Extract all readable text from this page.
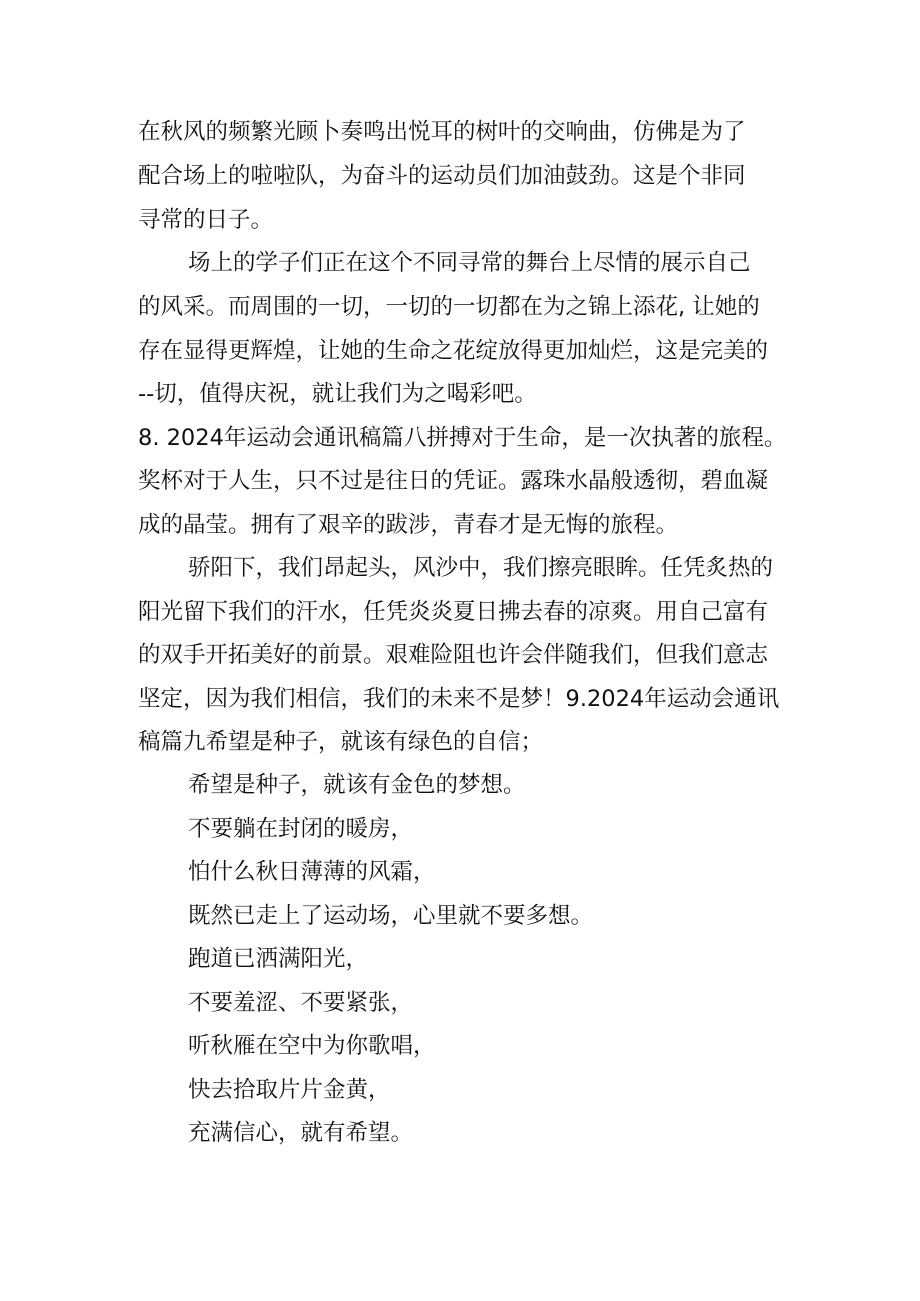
在秋风的频繁光顾卜奏鸣出悦耳的树叶的交响曲，仿佛是为了
配合场上的啦啦队，为奋斗的运动员们加油鼓劲。这是个非同
寻常的日子。
场上的学子们正在这个不同寻常的舞台上尽情的展示自己
的风采。而周围的一切，一切的一切都在为之锦上添花, 让她的
存在显得更辉煌，让她的生命之花绽放得更加灿烂，这是完美的
--切，值得庆祝，就让我们为之喝彩吧。
8. 2024年运动会通讯稿篇八拼搏对于生命，是一次执著的旅程。
奖杯对于人生，只不过是往日的凭证。露珠水晶般透彻，碧血凝
成的晶莹。拥有了艰辛的跋涉，青春才是无悔的旅程。
骄阳下，我们昂起头，风沙中，我们擦亮眼眸。任凭炙热的
阳光留下我们的汗水，任凭炎炎夏日拂去春的凉爽。用自己富有
的双手开拓美好的前景。艰难险阻也许会伴随我们，但我们意志
坚定，因为我们相信，我们的未来不是梦！9.2024年运动会通讯
稿篇九希望是种子，就该有绿色的自信；
希望是种子，就该有金色的梦想。
不要躺在封闭的暖房，
怕什么秋日薄薄的风霜，
既然已走上了运动场，心里就不要多想。
跑道已洒满阳光，
不要羞涩、不要紧张，
听秋雁在空中为你歌唱，
快去拾取片片金黄，
充满信心，就有希望。
